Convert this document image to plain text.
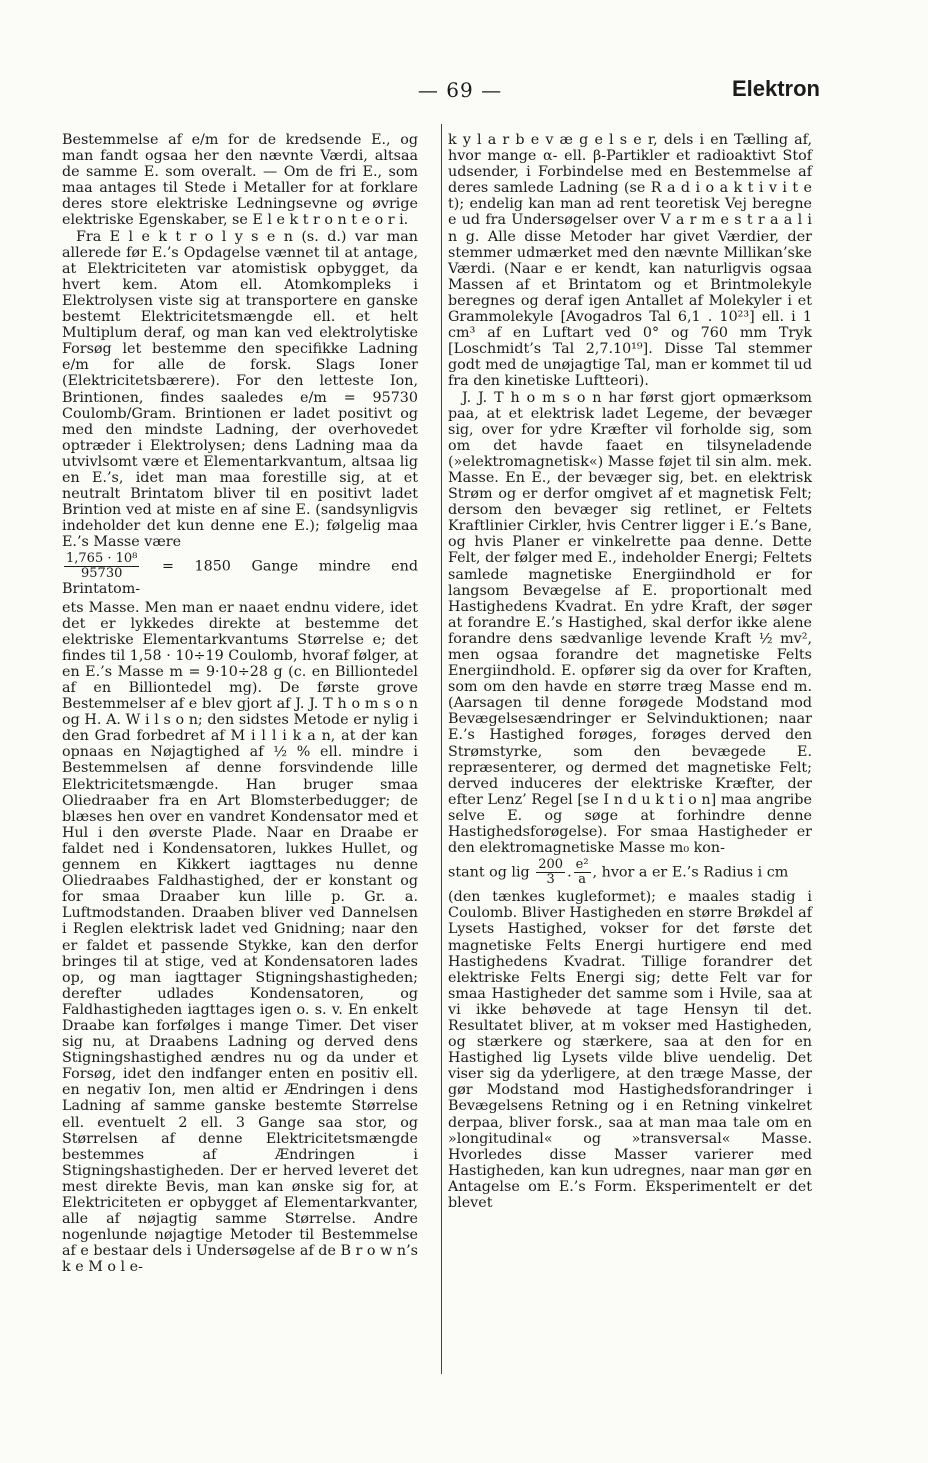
— 69 —	Elektron

Bestemmelse af e/m for de kredsende E., og man fandt ogsaa her den nævnte Værdi, altsaa de samme E. som overalt. — Om de fri E., som maa antages til Stede i Metaller for at forklare deres store elektriske Ledningsevne og øvrige elektriske Egenskaber, se E l e k t r o n t e o r i.

Fra E l e k t r o l y s e n (s. d.) var man allerede før E.’s Opdagelse vænnet til at antage, at Elektriciteten var atomistisk opbygget, da hvert kem. Atom ell. Atomkompleks i Elektrolysen viste sig at transportere en ganske bestemt Elektricitetsmængde ell. et helt Multiplum deraf, og man kan ved elektrolytiske Forsøg let bestemme den specifikke Ladning e/m for alle de forsk. Slags Ioner (Elektricitetsbærere). For den letteste Ion, Brintionen, findes saaledes e/m = 95730 Coulomb/Gram. Brintionen er ladet positivt og med den mindste Ladning, der overhovedet optræder i Elektrolysen; dens Ladning maa da utvivlsomt være et Elementarkvantum, altsaa lig en E.’s, idet man maa forestille sig, at et neutralt Brintatom bliver til en positivt ladet Brintion ved at miste en af sine E. (sandsynligvis indeholder det kun denne ene E.); følgelig maa E.’s Masse være

$\frac{\text{1,765 · 10⁸}}{95730} = 1850$ Gange mindre end Brintatom-

ets Masse. Men man er naaet endnu videre, idet det er lykkedes direkte at bestemme det elektriske Elementarkvantums Størrelse e; det findes til 1,58 · 10÷19 Coulomb, hvoraf følger, at en E.’s Masse m = 9·10÷28 g (c. en Billiontedel af en Billiontedel mg). De første grove Bestemmelser af e blev gjort af J. J. T h o m s o n og H. A. W i l s o n; den sidstes Metode er nylig i den Grad forbedret af M i l l i k a n, at der kan opnaas en Nøjagtighed af ½ % ell. mindre i Bestemmelsen af denne forsvindende lille Elektricitetsmængde. Han bruger smaa Oliedraaber fra en Art Blomsterbedugger; de blæses hen over en vandret Kondensator med et Hul i den øverste Plade. Naar en Draabe er faldet ned i Kondensatoren, lukkes Hullet, og gennem en Kikkert iagttages nu denne Oliedraabes Faldhastighed, der er konstant og for smaa Draaber kun lille p. Gr. a. Luftmodstanden. Draaben bliver ved Dannelsen i Reglen elektrisk ladet ved Gnidning; naar den er faldet et passende Stykke, kan den derfor bringes til at stige, ved at Kondensatoren lades op, og man iagttager Stigningshastigheden; derefter udlades Kondensatoren, og Faldhastigheden iagttages igen o. s. v. En enkelt Draabe kan forfølges i mange Timer. Det viser sig nu, at Draabens Ladning og derved dens Stigningshastighed ændres nu og da under et Forsøg, idet den indfanger enten en positiv ell. en negativ Ion, men altid er Ændringen i dens Ladning af samme ganske bestemte Størrelse ell. eventuelt 2 ell. 3 Gange saa stor, og Størrelsen af denne Elektricitetsmængde bestemmes af Ændringen i Stigningshastigheden. Der er herved leveret det mest direkte Bevis, man kan ønske sig for, at Elektriciteten er opbygget af Elementarkvanter, alle af nøjagtig samme Størrelse. Andre nogenlunde nøjagtige Metoder til Bestemmelse af e bestaar dels i Undersøgelse af de B r o w n’s k e M o l e-

k y l a r b e v æ g e l s e r, dels i en Tælling af, hvor mange α- ell. β-Partikler et radioaktivt Stof udsender, i Forbindelse med en Bestemmelse af deres samlede Ladning (se R a d i o a k t i v i t e t); endelig kan man ad rent teoretisk Vej beregne e ud fra Undersøgelser over V a r m e s t r a a l i n g. Alle disse Metoder har givet Værdier, der stemmer udmærket med den nævnte Millikan’ske Værdi. (Naar e er kendt, kan naturligvis ogsaa Massen af et Brintatom og et Brintmolekyle beregnes og deraf igen Antallet af Molekyler i et Grammolekyle [Avogadros Tal 6,1 . 10²³] ell. i 1 cm³ af en Luftart ved 0° og 760 mm Tryk [Loschmidt’s Tal 2,7.10¹⁹]. Disse Tal stemmer godt med de unøjagtige Tal, man er kommet til ud fra den kinetiske Luftteori).

J. J. T h o m s o n har først gjort opmærksom paa, at et elektrisk ladet Legeme, der bevæger sig, over for ydre Kræfter vil forholde sig, som om det havde faaet en tilsyneladende (»elektromagnetisk«) Masse føjet til sin alm. mek. Masse. En E., der bevæger sig, bet. en elektrisk Strøm og er derfor omgivet af et magnetisk Felt; dersom den bevæger sig retlinet, er Feltets Kraftlinier Cirkler, hvis Centrer ligger i E.’s Bane, og hvis Planer er vinkelrette paa denne. Dette Felt, der følger med E., indeholder Energi; Feltets samlede magnetiske Energiindhold er for langsom Bevægelse af E. proportionalt med Hastighedens Kvadrat. En ydre Kraft, der søger at forandre E.’s Hastighed, skal derfor ikke alene forandre dens sædvanlige levende Kraft ½ mv², men ogsaa forandre det magnetiske Felts Energiindhold. E. opfører sig da over for Kraften, som om den havde en større træg Masse end m. (Aarsagen til denne forøgede Modstand mod Bevægelsesændringer er Selvinduktionen; naar E.’s Hastighed forøges, forøges derved den Strømstyrke, som den bevægede E. repræsenterer, og dermed det magnetiske Felt; derved induceres der elektriske Kræfter, der efter Lenz’ Regel [se I n d u k t i o n] maa angribe selve E. og søge at forhindre denne Hastighedsforøgelse). For smaa Hastigheder er den elektromagnetiske Masse m₀ kon-

stant og lig $\frac{200}{3}$ . $\frac{\text{e²}}{a}$ , hvor a er E.’s Radius i cm

(den tænkes kugleformet); e maales stadig i Coulomb. Bliver Hastigheden en større Brøkdel af Lysets Hastighed, vokser for det første det magnetiske Felts Energi hurtigere end med Hastighedens Kvadrat. Tillige forandrer det elektriske Felts Energi sig; dette Felt var for smaa Hastigheder det samme som i Hvile, saa at vi ikke behøvede at tage Hensyn til det. Resultatet bliver, at m vokser med Hastigheden, og stærkere og stærkere, saa at den for en Hastighed lig Lysets vilde blive uendelig. Det viser sig da yderligere, at den træge Masse, der gør Modstand mod Hastighedsforandringer i Bevægelsens Retning og i en Retning vinkelret derpaa, bliver forsk., saa at man maa tale om en »longitudinal« og »transversal« Masse. Hvorledes disse Masser varierer med Hastigheden, kan kun udregnes, naar man gør en Antagelse om E.’s Form. Eksperimentelt er det blevet
